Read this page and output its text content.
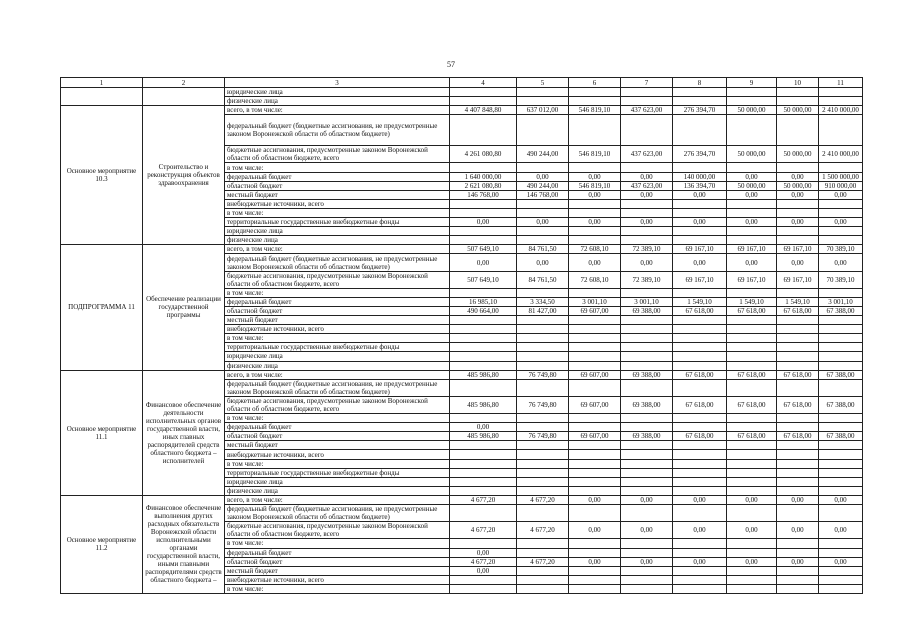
57
1	2	3	4	5	6	7	8	9	10	11
		юридические лица								
		физические лица								
Основное мероприятие 10.3	Строительство и реконструкция объектов здравоохранения	всего, в том числе:	4 407 848,80	637 012,00	546 819,10	437 623,00	276 394,70	50 000,00	50 000,00	2 410 000,00
		федеральный бюджет (бюджетные ассигнования, не предусмотренные законом Воронежской области об областном бюджете)								
		бюджетные ассигнования, предусмотренные законом Воронежской области об областном бюджете, всего	4 261 080,80	490 244,00	546 819,10	437 623,00	276 394,70	50 000,00	50 000,00	2 410 000,00
		в том числе:								
		федеральный бюджет	1 640 000,00	0,00	0,00	0,00	140 000,00	0,00	0,00	1 500 000,00
		областной бюджет	2 621 080,80	490 244,00	546 819,10	437 623,00	136 394,70	50 000,00	50 000,00	910 000,00
		местный бюджет	146 768,00	146 768,00	0,00	0,00	0,00	0,00	0,00	0,00
		внебюджетные источники, всего								
		в том числе:								
		территориальные государственные внебюджетные фонды	0,00	0,00	0,00	0,00	0,00	0,00	0,00	0,00
		юридические лица								
		физические лица								
ПОДПРОГРАММА 11	Обеспечение реализации государственной программы	всего, в том числе:	507 649,10	84 761,50	72 608,10	72 389,10	69 167,10	69 167,10	69 167,10	70 389,10
		федеральный бюджет (бюджетные ассигнования, не предусмотренные законом Воронежской области об областном бюджете)	0,00	0,00	0,00	0,00	0,00	0,00	0,00	0,00
		бюджетные ассигнования, предусмотренные законом Воронежской области об областном бюджете, всего	507 649,10	84 761,50	72 608,10	72 389,10	69 167,10	69 167,10	69 167,10	70 389,10
		в том числе:								
		федеральный бюджет	16 985,10	3 334,50	3 001,10	3 001,10	1 549,10	1 549,10	1 549,10	3 001,10
		областной бюджет	490 664,00	81 427,00	69 607,00	69 388,00	67 618,00	67 618,00	67 618,00	67 388,00
		местный бюджет								
		внебюджетные источники, всего								
		в том числе:								
		территориальные государственные внебюджетные фонды								
		юридические лица								
		физические лица								
Основное мероприятие 11.1	Финансовое обеспечение деятельности исполнительных органов государственной власти, иных главных распорядителей средств областного бюджета – исполнителей	всего, в том числе:	485 986,80	76 749,80	69 607,00	69 388,00	67 618,00	67 618,00	67 618,00	67 388,00
		федеральный бюджет (бюджетные ассигнования, не предусмотренные законом Воронежской области об областном бюджете)								
		бюджетные ассигнования, предусмотренные законом Воронежской области об областном бюджете, всего	485 986,80	76 749,80	69 607,00	69 388,00	67 618,00	67 618,00	67 618,00	67 388,00
		в том числе:								
		федеральный бюджет	0,00							
		областной бюджет	485 986,80	76 749,80	69 607,00	69 388,00	67 618,00	67 618,00	67 618,00	67 388,00
		местный бюджет								
		внебюджетные источники, всего								
		в том числе:								
		территориальные государственные внебюджетные фонды								
		юридические лица								
		физические лица								
Основное мероприятие 11.2	Финансовое обеспечение выполнения других расходных обязательств Воронежской области исполнительными органами государственной власти, иными главными распорядителями средств областного бюджета –	всего, в том числе:	4 677,20	4 677,20	0,00	0,00	0,00	0,00	0,00	0,00
		федеральный бюджет (бюджетные ассигнования, не предусмотренные законом Воронежской области об областном бюджете)								
		бюджетные ассигнования, предусмотренные законом Воронежской области об областном бюджете, всего	4 677,20	4 677,20	0,00	0,00	0,00	0,00	0,00	0,00
		в том числе:								
		федеральный бюджет	0,00							
		областной бюджет	4 677,20	4 677,20	0,00	0,00	0,00	0,00	0,00	0,00
		местный бюджет	0,00							
		внебюджетные источники, всего								
		в том числе:								
